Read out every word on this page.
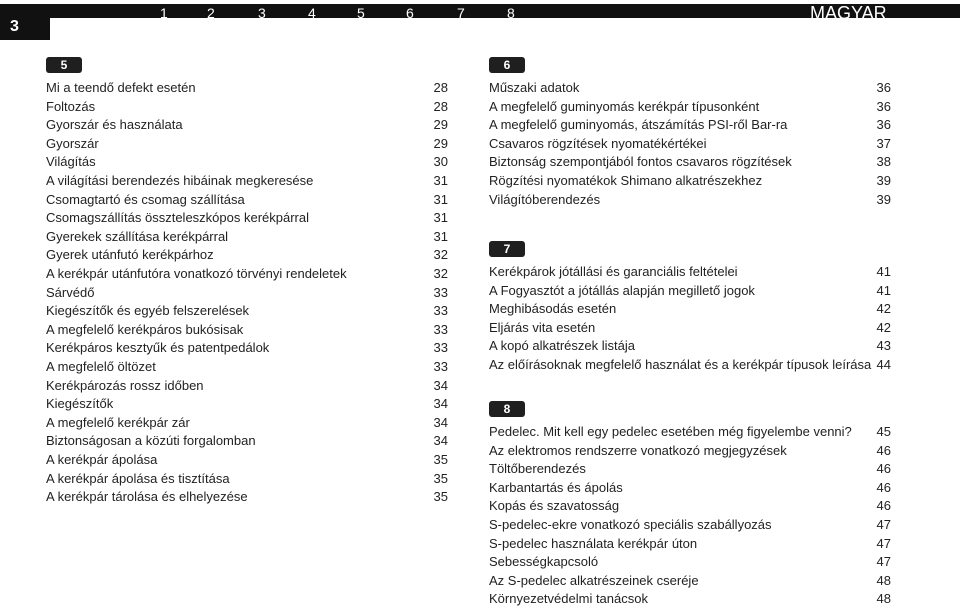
3
1	2	3	4	5	6	7	8	MAGYAR
5
Mi a teendő defekt esetén	28
Foltozás	28
Gyorszár és használata	29
Gyorszár	29
Világítás	30
A világítási berendezés hibáinak megkeresése	31
Csomagtartó és csomag szállítása	31
Csomagszállítás összteleszkópos kerékpárral	31
Gyerekek szállítása kerékpárral	31
Gyerek utánfutó kerékpárhoz	32
A kerékpár utánfutóra vonatkozó törvényi rendeletek	32
Sárvédő	33
Kiegészítők és egyéb felszerelések	33
A megfelelő kerékpáros bukósisak	33
Kerékpáros kesztyűk és patentpedálok	33
A megfelelő öltözet	33
Kerékpározás rossz időben	34
Kiegészítők	34
A megfelelő kerékpár zár	34
Biztonságosan a közúti forgalomban	34
A kerékpár ápolása	35
A kerékpár ápolása és tisztítása	35
A kerékpár tárolása és elhelyezése	35
6
Műszaki adatok	36
A megfelelő guminyomás kerékpár típusonként	36
A megfelelő guminyomás, átszámítás PSI-ről Bar-ra	36
Csavaros rögzítések nyomatékértékei	37
Biztonság szempontjából fontos csavaros rögzítések	38
Rögzítési nyomatékok Shimano alkatrészekhez	39
Világítóberendezés	39
7
Kerékpárok jótállási és garanciális feltételei	41
A Fogyasztót a jótállás alapján megillető jogok	41
Meghibásodás esetén	42
Eljárás vita esetén	42
A kopó alkatrészek listája	43
Az előírásoknak megfelelő használat és a kerékpár típusok leírása 44
8
Pedelec. Mit kell egy pedelec esetében még figyelembe venni? 45
Az elektromos rendszerre vonatkozó megjegyzések	46
Töltőberendezés	46
Karbantartás és ápolás	46
Kopás és szavatosság	46
S-pedelec-ekre vonatkozó speciális szabállyozás	47
S-pedelec használata kerékpár úton	47
Sebességkapcsoló	47
Az S-pedelec alkatrészeinek cseréje	48
Környezetvédelmi tanácsok	48
